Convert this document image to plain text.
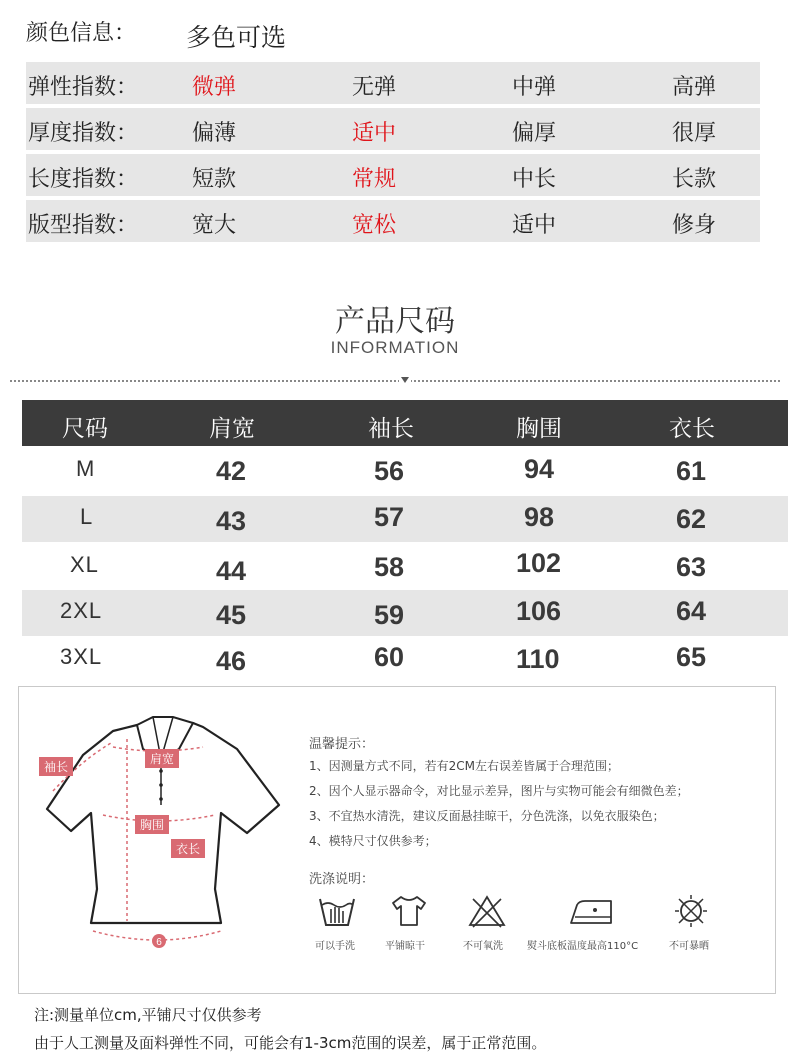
颜色信息： 多色可选
弹性指数： 微弹	无弹	中弹	高弹
厚度指数： 偏薄	适中	偏厚	很厚
长度指数： 短款	常规	中长	长款
版型指数： 宽大	宽松	适中	修身
产品尺码
INFORMATION
尺码	肩宽	袖长	胸围	衣长
M	42	56	94	61
L	43	57	98	62
XL	44	58	102	63
2XL	45	59	106	64
3XL	46	60	110	65
6
袖长
肩宽
胸围
衣长
温馨提示：
1、因测量方式不同，若有2CM左右误差皆属于合理范围；
2、因个人显示器命令，对比显示差异，图片与实物可能会有细微色差；
3、不宜热水清洗，建议反面悬挂晾干，分色洗涤，以免衣服染色；
4、模特尺寸仅供参考；
洗涤说明：
可以手洗	平铺晾干	不可氧洗 熨斗底板温度最高110°C	不可暴晒
注:测量单位cm,平铺尺寸仅供参考
由于人工测量及面料弹性不同，可能会有1-3cm范围的误差，属于正常范围。
